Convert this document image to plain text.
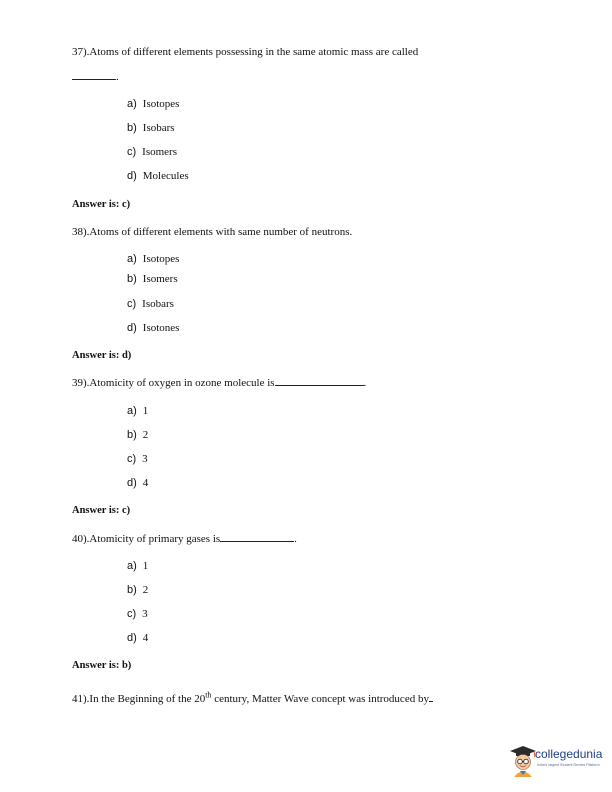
37).Atoms of different elements possessing in the same atomic mass are called
.
a) Isotopes
b) Isobars
c) Isomers
d) Molecules
Answer is: c)
38).Atoms of different elements with same number of neutrons.
a) Isotopes
b) Isomers
c) Isobars
d) Isotones
Answer is: d)
39).Atomicity of oxygen in ozone molecule is	.
a) 1
b) 2
c) 3
d) 4
Answer is: c)
40).Atomicity of primary gases is	.
a) 1
b) 2
c) 3
d) 4
Answer is: b)
41).In the Beginning of the 20th century, Matter Wave concept was introduced by
collegedunia
India's largest Student Review Platform
